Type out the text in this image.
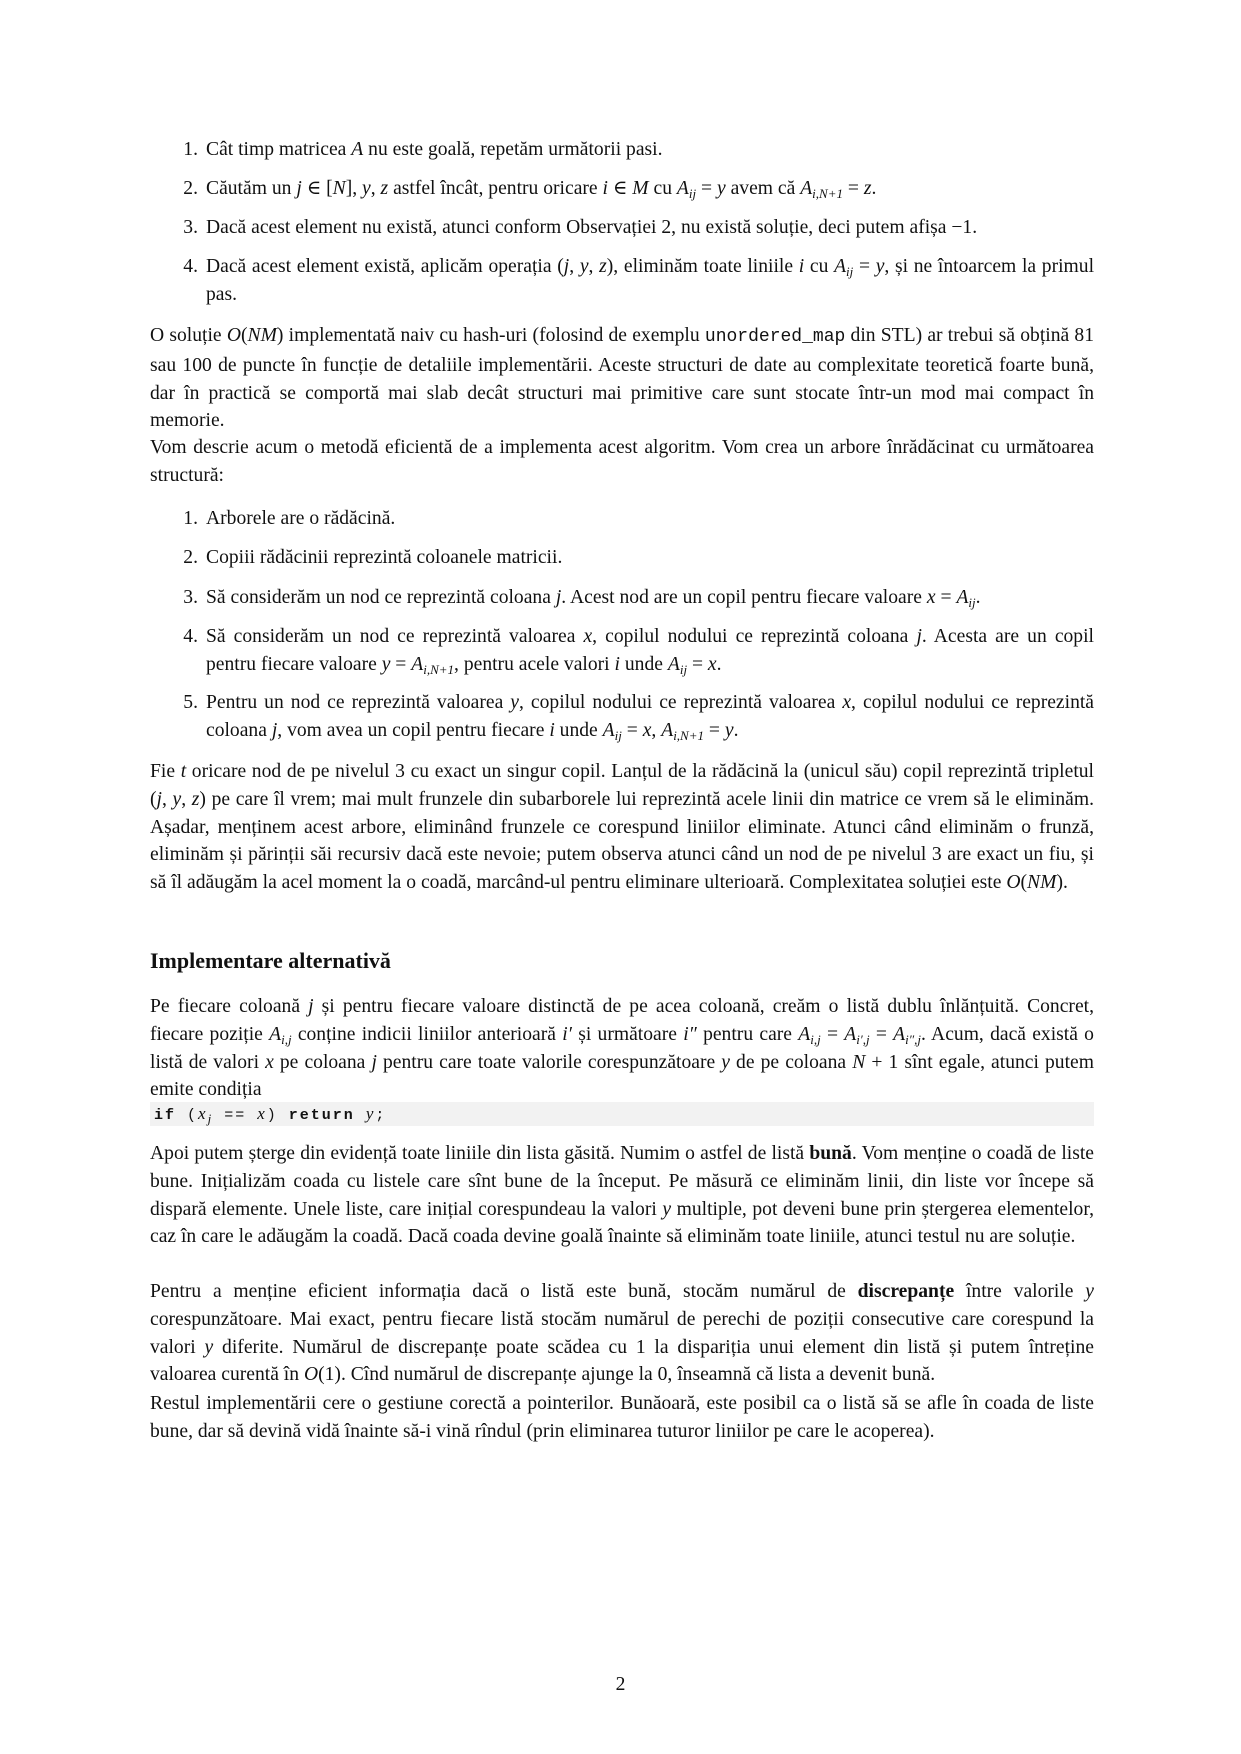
1. Cât timp matricea A nu este goală, repetăm următorii pasi.
2. Căutăm un j ∈ [N], y, z astfel încât, pentru oricare i ∈ M cu $A_{ij} = y$ avem că $A_{i,N+1} = z$.
3. Dacă acest element nu există, atunci conform Observației 2, nu există soluție, deci putem afișa −1.
4. Dacă acest element există, aplicăm operația (j, y, z), eliminăm toate liniile i cu $A_{ij} = y$, și ne întoarcem la primul pas.

O soluție O(NM) implementată naiv cu hash-uri (folosind de exemplu unordered_map din STL) ar trebui să obțină 81 sau 100 de puncte în funcție de detaliile implementării. Aceste structuri de date au complexitate teoretică foarte bună, dar în practică se comportă mai slab decât structuri mai primitive care sunt stocate într-un mod mai compact în memorie.

Vom descrie acum o metodă eficientă de a implementa acest algoritm. Vom crea un arbore înrădăcinat cu următoarea structură:

1. Arborele are o rădăcină.
2. Copiii rădăcinii reprezintă coloanele matricii.
3. Să considerăm un nod ce reprezintă coloana j. Acest nod are un copil pentru fiecare valoare $x = A_{ij}$.
4. Să considerăm un nod ce reprezintă valoarea x, copilul nodului ce reprezintă coloana j. Acesta are un copil pentru fiecare valoare $y = A_{i,N+1}$, pentru acele valori i unde $A_{ij} = x$.
5. Pentru un nod ce reprezintă valoarea y, copilul nodului ce reprezintă valoarea x, copilul nodului ce reprezintă coloana j, vom avea un copil pentru fiecare i unde $A_{ij} = x$, $A_{i,N+1} = y$.

Fie t oricare nod de pe nivelul 3 cu exact un singur copil. Lanțul de la rădăcină la (unicul său) copil reprezintă tripletul (j, y, z) pe care îl vrem; mai mult frunzele din subarborele lui reprezintă acele linii din matrice ce vrem să le eliminăm. Așadar, menținem acest arbore, eliminând frunzele ce corespund liniilor eliminate. Atunci când eliminăm o frunză, eliminăm și părinții săi recursiv dacă este nevoie; putem observa atunci când un nod de pe nivelul 3 are exact un fiu, și să îl adăugăm la acel moment la o coadă, marcând-ul pentru eliminare ulterioară. Complexitatea soluției este O(NM).

Implementare alternativă

Pe fiecare coloană j și pentru fiecare valoare distinctă de pe acea coloană, creăm o listă dublu înlănțuită. Concret, fiecare poziție $A_{i,j}$ conține indicii liniilor anterioară i′ și următoare i″ pentru care $A_{i,j} = A_{i',j} = A_{i'',j}$. Acum, dacă există o listă de valori x pe coloana j pentru care toate valorile corespunzătoare y de pe coloana N + 1 sînt egale, atunci putem emite condiția

if $(x_j == x)$ return y;

Apoi putem șterge din evidență toate liniile din lista găsită. Numim o astfel de listă bună. Vom menține o coadă de liste bune. Inițializăm coada cu listele care sînt bune de la început. Pe măsură ce eliminăm linii, din liste vor începe să dispară elemente. Unele liste, care inițial corespundeau la valori y multiple, pot deveni bune prin ștergerea elementelor, caz în care le adăugăm la coadă. Dacă coada devine goală înainte să eliminăm toate liniile, atunci testul nu are soluție.

Pentru a menține eficient informația dacă o listă este bună, stocăm numărul de discrepanțe între valorile y corespunzătoare. Mai exact, pentru fiecare listă stocăm numărul de perechi de poziții consecutive care corespund la valori y diferite. Numărul de discrepanțe poate scădea cu 1 la dispariția unui element din listă și putem întreține valoarea curentă în O(1). Cînd numărul de discrepanțe ajunge la 0, înseamnă că lista a devenit bună.

Restul implementării cere o gestiune corectă a pointerilor. Bunăoară, este posibil ca o listă să se afle în coada de liste bune, dar să devină vidă înainte să-i vină rîndul (prin eliminarea tuturor liniilor pe care le acoperea).

2
